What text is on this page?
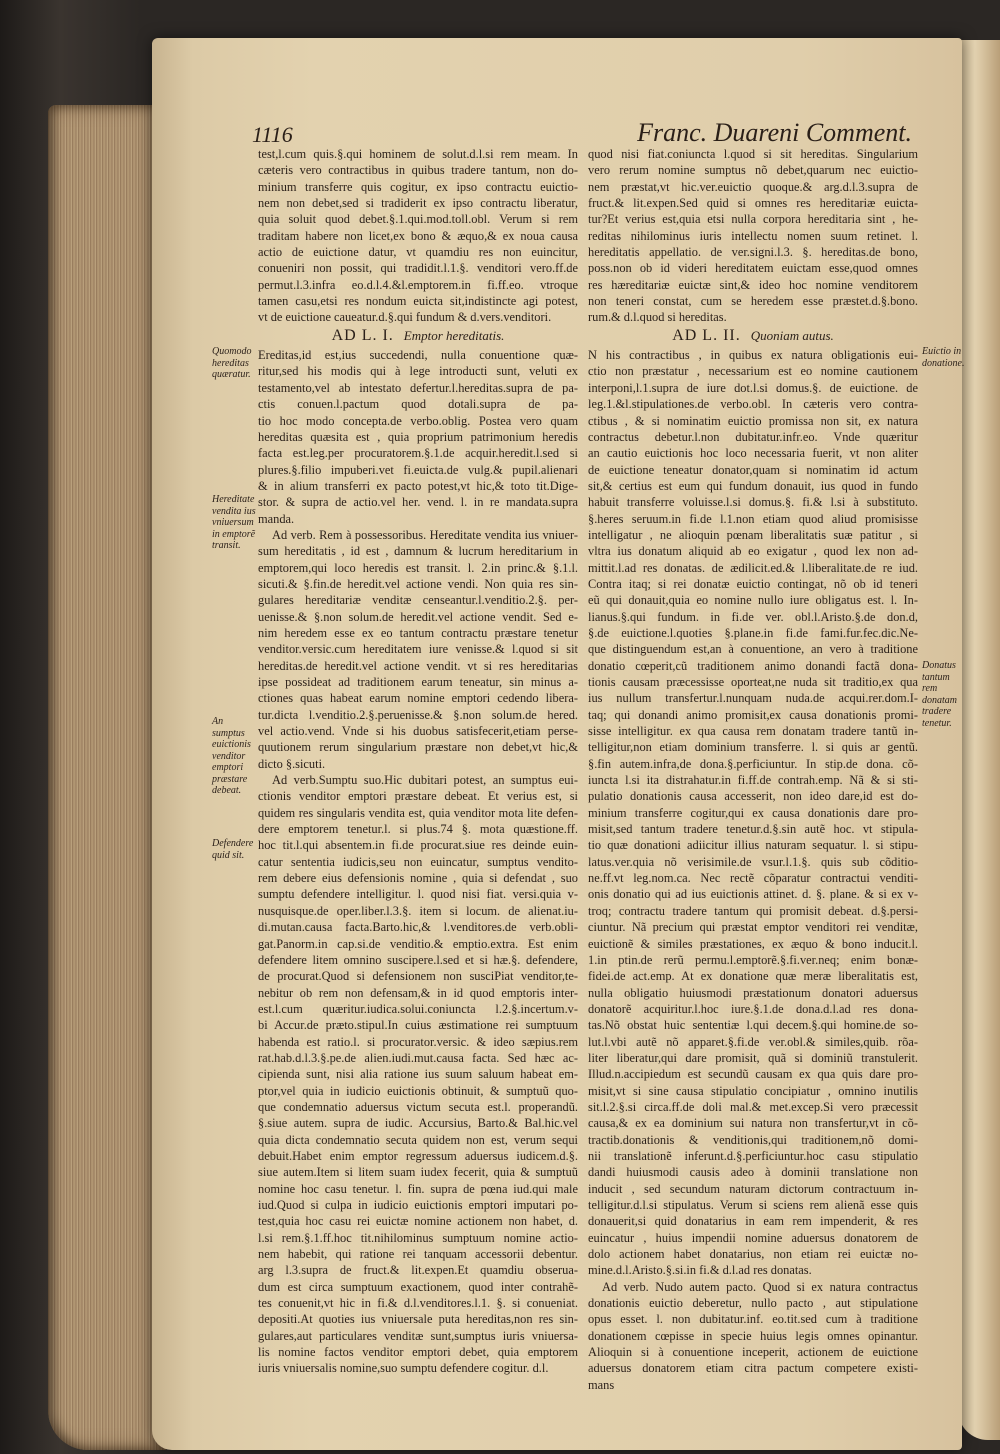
1116	Franc. Duareni Comment.
test,l.cum quis.§.qui hominem de solut.d.l.si rem meam. In
cæteris vero contractibus in quibus tradere tantum, non do-
minium transferre quis cogitur, ex ipso contractu euictio-
nem non debet,sed si tradiderit ex ipso contractu liberatur,
quia soluit quod debet.§.1.qui.mod.toll.obl. Verum si rem
traditam habere non licet,ex bono & æquo,& ex noua causa
actio de euictione datur, vt quamdiu res non euincitur,
conueniri non possit, qui tradidit.l.1.§. venditori vero.ff.de
permut.l.3.infra eo.d.l.4.&l.emptorem.in fi.ff.eo. vtroque
tamen casu,etsi res nondum euicta sit,indistincte agi potest,
vt de euictione caueatur.d.§.qui fundum & d.vers.venditori.
AD L. I. Emptor hereditatis.
Ereditas,id est,ius succedendi, nulla conuentione quæ-
ritur,sed his modis qui à lege introducti sunt, veluti ex
testamento,vel ab intestato defertur.l.hereditas.supra de pa-
ctis conuen.l.pactum quod dotali.supra de pa-
tio hoc modo concepta.de verbo.oblig. Postea vero quam
hereditas quæsita est , quia proprium patrimonium heredis
facta est.leg.per procuratorem.§.1.de acquir.heredit.l.sed si
plures.§.filio impuberi.vet fi.euicta.de vulg.& pupil.alienari
& in alium transferri ex pacto potest,vt hic,& toto tit.Dige-
stor. & supra de actio.vel her. vend. l. in re mandata.supra
manda.
Ad verb. Rem à possessoribus. Hereditate vendita ius vniuer-
sum hereditatis , id est , damnum & lucrum hereditarium in
emptorem,qui loco heredis est transit. l. 2.in princ.& §.1.l.
sicuti.& §.fin.de heredit.vel actione vendi. Non quia res sin-
gulares hereditariæ venditæ censeantur.l.venditio.2.§. per-
uenisse.& §.non solum.de heredit.vel actione vendit. Sed e-
nim heredem esse ex eo tantum contractu præstare tenetur
venditor.versic.cum hereditatem iure venisse.& l.quod si sit
hereditas.de heredit.vel actione vendit. vt si res hereditarias
ipse possideat ad traditionem earum teneatur, sin minus a-
ctiones quas habeat earum nomine emptori cedendo libera-
tur.dicta l.venditio.2.§.peruenisse.& §.non solum.de hered.
vel actio.vend. Vnde si his duobus satisfecerit,etiam perse-
quutionem rerum singularium præstare non debet,vt hic,&
dicto §.sicuti.
Ad verb.Sumptu suo.Hic dubitari potest, an sumptus eui-
ctionis venditor emptori præstare debeat. Et verius est, si
quidem res singularis vendita est, quia venditor mota lite defen-
dere emptorem tenetur.l. si plus.74 §. mota quæstione.ff.
hoc tit.l.qui absentem.in fi.de procurat.siue res deinde euin-
catur sententia iudicis,seu non euincatur, sumptus vendito-
rem debere eius defensionis nomine , quia si defendat , suo
sumptu defendere intelligitur. l. quod nisi fiat. versi.quia v-
nusquisque.de oper.liber.l.3.§. item si locum. de alienat.iu-
di.mutan.causa facta.Barto.hic,& l.venditores.de verb.obli-
gat.Panorm.in cap.si.de venditio.& emptio.extra. Est enim
defendere litem omnino suscipere.l.sed et si hæ.§. defendere,
de procurat.Quod si defensionem non susciPiat venditor,te-
nebitur ob rem non defensam,& in id quod emptoris inter-
est.l.cum quæritur.iudica.solui.coniuncta l.2.§.incertum.v-
bi Accur.de præto.stipul.In cuius æstimatione rei sumptuum
habenda est ratio.l. si procurator.versic. & ideo sæpius.rem
rat.hab.d.l.3.§.pe.de alien.iudi.mut.causa facta. Sed hæc ac-
cipienda sunt, nisi alia ratione ius suum saluum habeat em-
ptor,vel quia in iudicio euictionis obtinuit, & sumptuũ quo-
que condemnatio aduersus victum secuta est.l. properandũ.
§.siue autem. supra de iudic. Accursius, Barto.& Bal.hic.vel
quia dicta condemnatio secuta quidem non est, verum sequi
debuit.Habet enim emptor regressum aduersus iudicem.d.§.
siue autem.Item si litem suam iudex fecerit, quia & sumptuũ
nomine hoc casu tenetur. l. fin. supra de pœna iud.qui male
iud.Quod si culpa in iudicio euictionis emptori imputari po-
test,quia hoc casu rei euictæ nomine actionem non habet, d.
l.si rem.§.1.ff.hoc tit.nihilominus sumptuum nomine actio-
nem habebit, qui ratione rei tanquam accessorii debentur.
arg l.3.supra de fruct.& lit.expen.Et quamdiu obserua-
dum est circa sumptuum exactionem, quod inter contrahẽ-
tes conuenit,vt hic in fi.& d.l.venditores.l.1. §. si conueniat.
depositi.At quoties ius vniuersale puta hereditas,non res sin-
gulares,aut particulares venditæ sunt,sumptus iuris vniuersa-
lis nomine factos venditor emptori debet, quia emptorem
iuris vniuersalis nomine,suo sumptu defendere cogitur. d.l.
quod nisi fiat.coniuncta l.quod si sit hereditas. Singularium
vero rerum nomine sumptus nõ debet,quarum nec euictio-
nem præstat,vt hic.ver.euictio quoque.& arg.d.l.3.supra de
fruct.& lit.expen.Sed quid si omnes res hereditariæ euicta-
tur?Et verius est,quia etsi nulla corpora hereditaria sint , he-
reditas nihilominus iuris intellectu nomen suum retinet. l.
hereditatis appellatio. de ver.signi.l.3. §. hereditas.de bono,
poss.non ob id videri hereditatem euictam esse,quod omnes
res hæreditariæ euictæ sint,& ideo hoc nomine venditorem
non teneri constat, cum se heredem esse præstet.d.§.bono.
rum.& d.l.quod si hereditas.
AD L. II. Quoniam autus.
N his contractibus , in quibus ex natura obligationis eui-
ctio non præstatur , necessarium est eo nomine cautionem
interponi,l.1.supra de iure dot.l.si domus.§. de euictione. de
leg.1.&l.stipulationes.de verbo.obl. In cæteris vero contra-
ctibus , & si nominatim euictio promissa non sit, ex natura
contractus debetur.l.non dubitatur.infr.eo. Vnde quæritur
an cautio euictionis hoc loco necessaria fuerit, vt non aliter
de euictione teneatur donator,quam si nominatim id actum
sit,& certius est eum qui fundum donauit, ius quod in fundo
habuit transferre voluisse.l.si domus.§. fi.& l.si à substituto.
§.heres seruum.in fi.de l.1.non etiam quod aliud promisisse
intelligatur , ne alioquin pœnam liberalitatis suæ patitur , si
vltra ius donatum aliquid ab eo exigatur , quod lex non ad-
mittit.l.ad res donatas. de ædilicit.ed.& l.liberalitate.de re iud.
Contra itaq; si rei donatæ euictio contingat, nõ ob id teneri
eũ qui donauit,quia eo nomine nullo iure obligatus est. l. In-
lianus.§.qui fundum. in fi.de ver. obl.l.Aristo.§.de don.d,
§.de euictione.l.quoties §.plane.in fi.de fami.fur.fec.dic.Ne-
que distinguendum est,an à conuentione, an vero à traditione
donatio cœperit,cũ traditionem animo donandi factã dona-
tionis causam præcessisse oporteat,ne nuda sit traditio,ex qua
ius nullum transfertur.l.nunquam nuda.de acqui.rer.dom.I-
taq; qui donandi animo promisit,ex causa donationis promi-
sisse intelligitur. ex qua causa rem donatam tradere tantũ in-
telligitur,non etiam dominium transferre. l. si quis ar gentũ.
§.fin autem.infra,de dona.§.perficiuntur. In stip.de dona. cõ-
iuncta l.si ita distrahatur.in fi.ff.de contrah.emp. Nã & si sti-
pulatio donationis causa accesserit, non ideo dare,id est do-
minium transferre cogitur,qui ex causa donationis dare pro-
misit,sed tantum tradere tenetur.d.§.sin autẽ hoc. vt stipula-
tio quæ donationi adiicitur illius naturam sequatur. l. si stipu-
latus.ver.quia nõ verisimile.de vsur.l.1.§. quis sub cõditio-
ne.ff.vt leg.nom.ca. Nec rectẽ cõparatur contractui venditi-
onis donatio qui ad ius euictionis attinet. d. §. plane. & si ex v-
troq; contractu tradere tantum qui promisit debeat. d.§.persi-
ciuntur. Nã precium qui præstat emptor venditori rei venditæ,
euictionẽ & similes præstationes, ex æquo & bono inducit.l.
1.in ptin.de rerũ permu.l.emptorẽ.§.fi.ver.neq; enim bonæ-
fidei.de act.emp. At ex donatione quæ meræ liberalitatis est,
nulla obligatio huiusmodi præstationum donatori aduersus
donatorẽ acquiritur.l.hoc iure.§.1.de dona.d.l.ad res dona-
tas.Nõ obstat huic sententiæ l.qui decem.§.qui homine.de so-
lut.l.vbi autẽ nõ apparet.§.fi.de ver.obl.& similes,quib. rõa-
liter liberatur,qui dare promisit, quã si dominiũ transtulerit.
Illud.n.accipiedum est secundũ causam ex qua quis dare pro-
misit,vt si sine causa stipulatio concipiatur , omnino inutilis
sit.l.2.§.si circa.ff.de doli mal.& met.excep.Si vero præcessit
causa,& ex ea dominium sui natura non transfertur,vt in cõ-
tractib.donationis & venditionis,qui traditionem,nõ domi-
nii translationẽ inferunt.d.§.perficiuntur.hoc casu stipulatio
dandi huiusmodi causis adeo à dominii translatione non
inducit , sed secundum naturam dictorum contractuum in-
telligitur.d.l.si stipulatus. Verum si sciens rem alienã esse quis
donauerit,si quid donatarius in eam rem impenderit, & res
euincatur , huius impendii nomine aduersus donatorem de
dolo actionem habet donatarius, non etiam rei euictæ no-
mine.d.l.Aristo.§.si.in fi.& d.l.ad res donatas.
Ad verb. Nudo autem pacto. Quod si ex natura contractus
donationis euictio deberetur, nullo pacto , aut stipulatione
opus esset. l. non dubitatur.inf. eo.tit.sed cum à traditione
donationem cœpisse in specie huius legis omnes opinantur.
Alioquin si à conuentione inceperit, actionem de euictione
aduersus donatorem etiam citra pactum competere existi-
mans
Quomodo hereditas quæratur.
Hereditate vendita ius vniuersum in emptorẽ transit.
An sumptus euictionis venditor emptori præstare debeat.
Defendere quid sit.
Euictio in donatione.
Donatus tantum rem donatam tradere tenetur.
